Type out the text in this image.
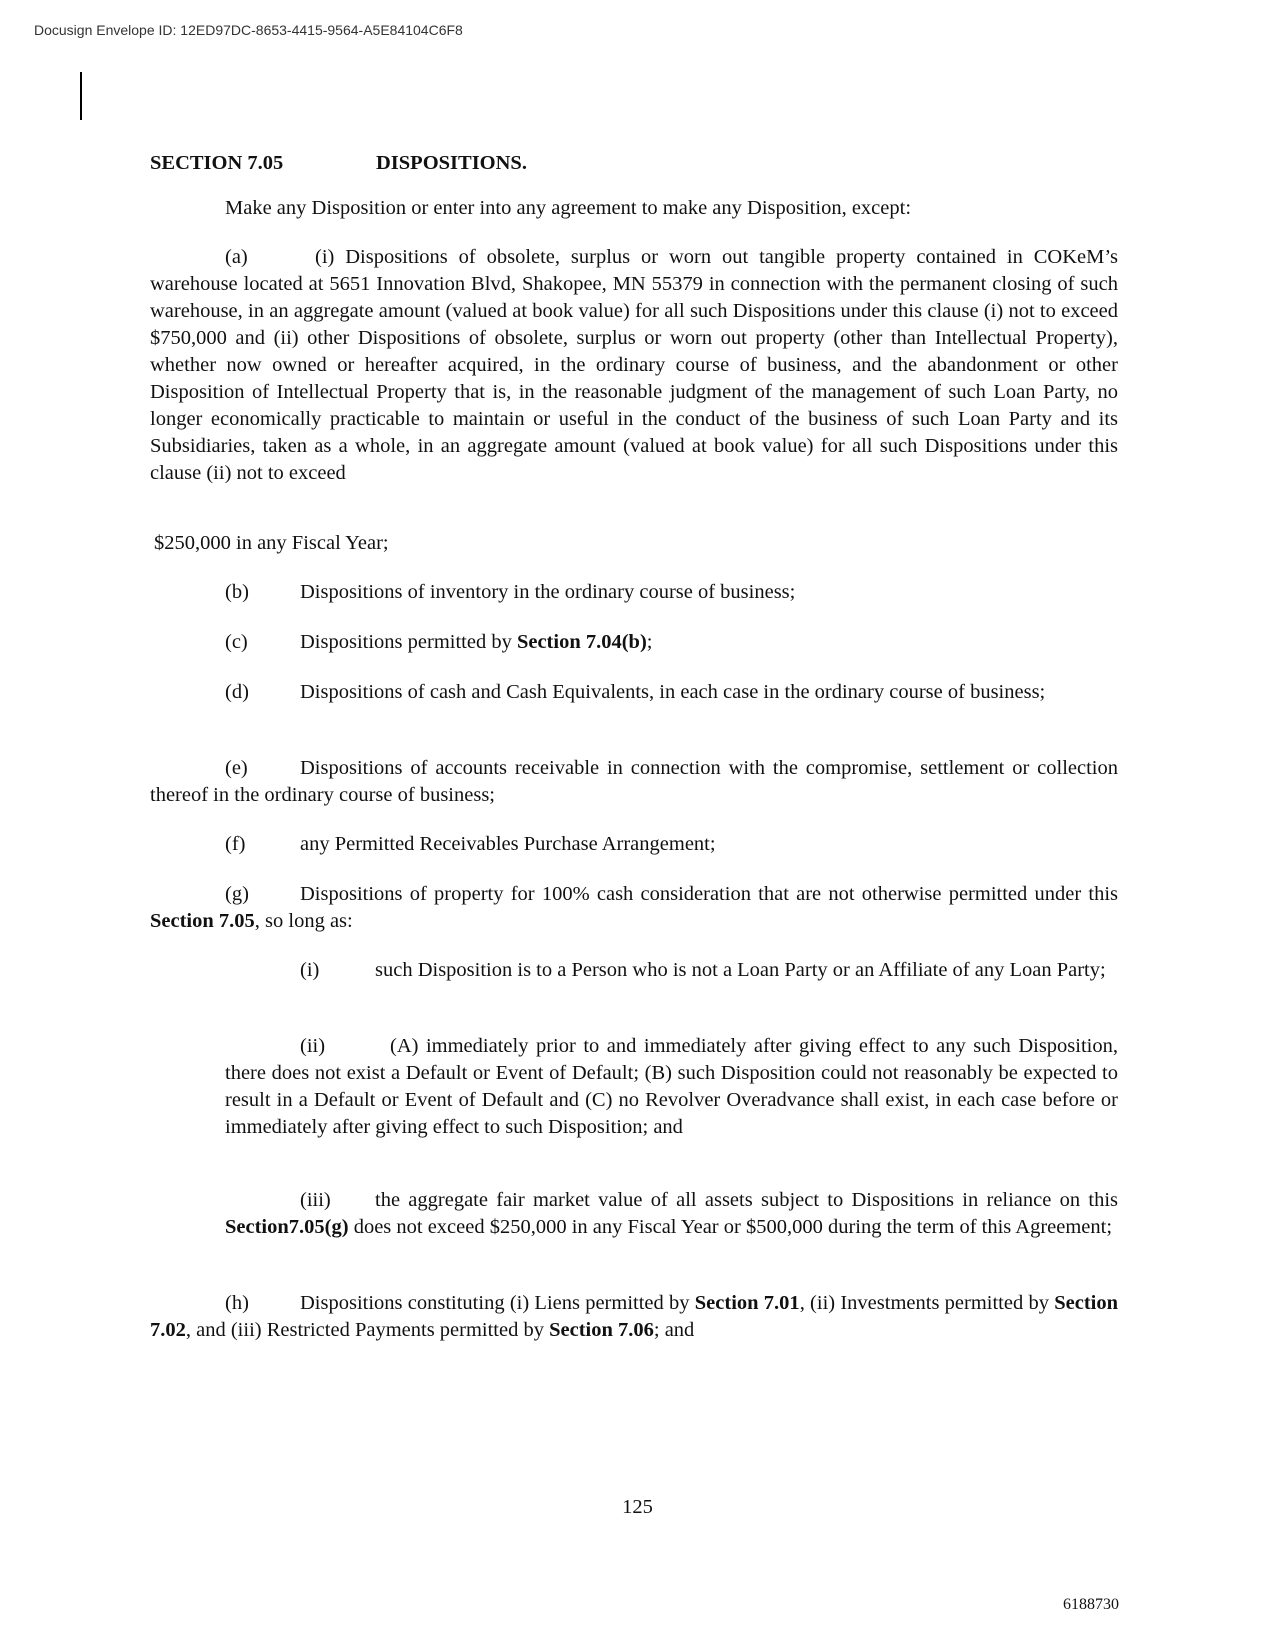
Docusign Envelope ID: 12ED97DC-8653-4415-9564-A5E84104C6F8

SECTION 7.05	DISPOSITIONS.

Make any Disposition or enter into any agreement to make any Disposition, except:

(a)	(i) Dispositions of obsolete, surplus or worn out tangible property contained in COKeM’s warehouse located at 5651 Innovation Blvd, Shakopee, MN 55379 in connection with the permanent closing of such warehouse, in an aggregate amount (valued at book value) for all such Dispositions under this clause (i) not to exceed $750,000 and (ii) other Dispositions of obsolete, surplus or worn out property (other than Intellectual Property), whether now owned or hereafter acquired, in the ordinary course of business, and the abandonment or other Disposition of Intellectual Property that is, in the reasonable judgment of the management of such Loan Party, no longer economically practicable to maintain or useful in the conduct of the business of such Loan Party and its Subsidiaries, taken as a whole, in an aggregate amount (valued at book value) for all such Dispositions under this clause (ii) not to exceed

$250,000 in any Fiscal Year;

(b) Dispositions of inventory in the ordinary course of business;

(c)	Dispositions permitted by Section 7.04(b);

(d) Dispositions of cash and Cash Equivalents, in each case in the ordinary course of business;

(e)	Dispositions of accounts receivable in connection with the compromise, settlement or collection thereof in the ordinary course of business;

(f)	any Permitted Receivables Purchase Arrangement;

(g) Dispositions of property for 100% cash consideration that are not otherwise permitted under this Section 7.05, so long as:

(i)	such Disposition is to a Person who is not a Loan Party or an Affiliate of any Loan Party;

(ii)	(A) immediately prior to and immediately after giving effect to any such Disposition, there does not exist a Default or Event of Default; (B) such Disposition could not reasonably be expected to result in a Default or Event of Default and (C) no Revolver Overadvance shall exist, in each case before or immediately after giving effect to such Disposition; and

(iii) the aggregate fair market value of all assets subject to Dispositions in reliance on this Section7.05(g) does not exceed $250,000 in any Fiscal Year or $500,000 during the term of this Agreement;

(h) Dispositions constituting (i) Liens permitted by Section 7.01, (ii) Investments permitted by Section 7.02, and (iii) Restricted Payments permitted by Section 7.06; and

125
6188730
